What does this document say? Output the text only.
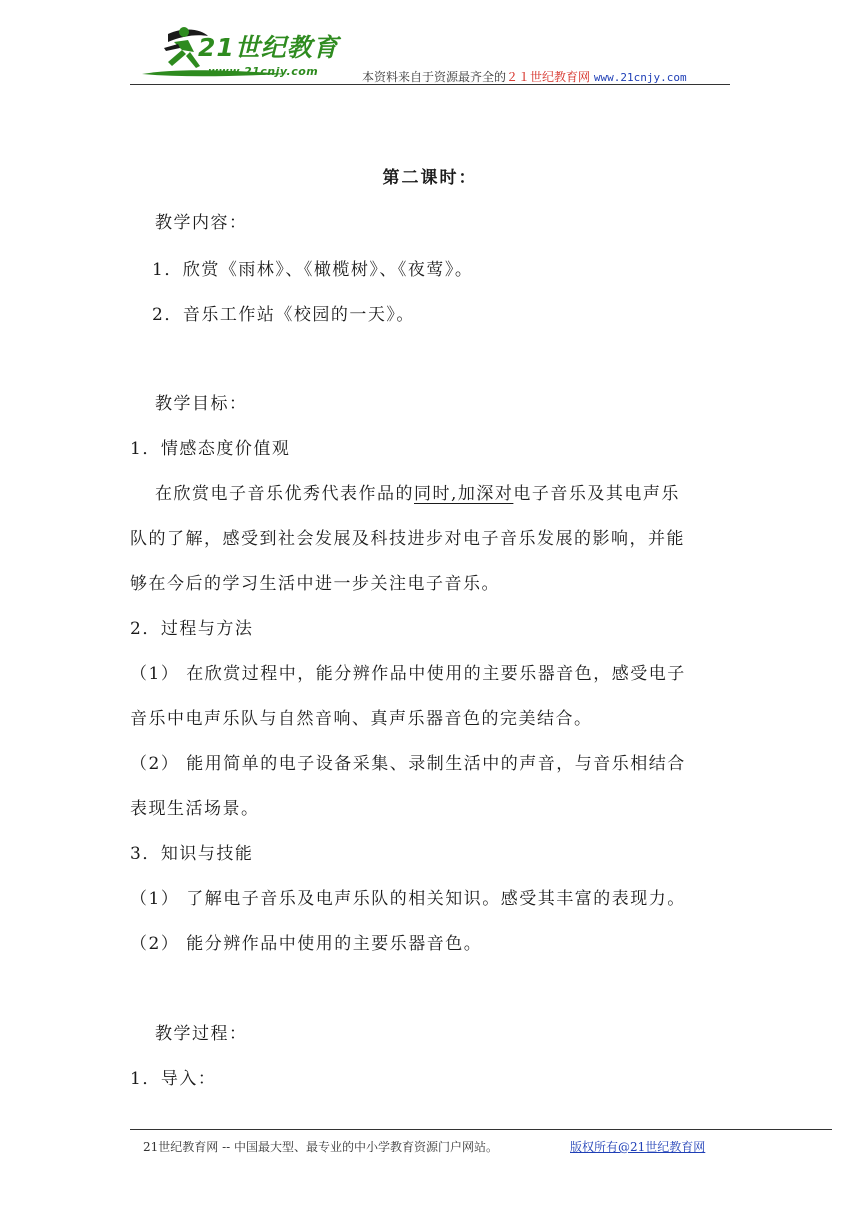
21世纪教育
www.21cnjy.com	本资料来自于资源最齐全的２１世纪教育网 www.21cnjy.com
第二课时：
教学内容：
1．欣赏《雨林》、《橄榄树》、《夜莺》。
2．音乐工作站《校园的一天》。
教学目标：
1．情感态度价值观
在欣赏电子音乐优秀代表作品的同时,加深对电子音乐及其电声乐
队的了解，感受到社会发展及科技进步对电子音乐发展的影响，并能
够在今后的学习生活中进一步关注电子音乐。
2．过程与方法
（1） 在欣赏过程中，能分辨作品中使用的主要乐器音色，感受电子
音乐中电声乐队与自然音响、真声乐器音色的完美结合。
（2） 能用简单的电子设备采集、录制生活中的声音，与音乐相结合
表现生活场景。
3．知识与技能
（1） 了解电子音乐及电声乐队的相关知识。感受其丰富的表现力。
（2） 能分辨作品中使用的主要乐器音色。
教学过程：
1．导入：
21世纪教育网 -- 中国最大型、最专业的中小学教育资源门户网站。	版权所有@21世纪教育网
